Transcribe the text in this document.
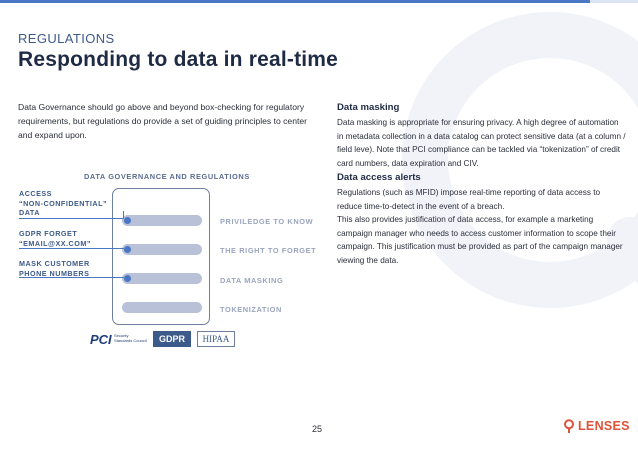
REGULATIONS
Responding to data in real-time
Data Governance should go above and beyond box-checking for regulatory requirements, but regulations do provide a set of guiding principles to center and expand upon.
Data masking

Data masking is appropriate for ensuring privacy. A high degree of automation in metadata collection in a data catalog can protect sensitive data (at a column / field leve). Note that PCI compliance can be tackled via “tokenization” of credit card numbers, data expiration and CIV.

Data access alerts

Regulations (such as MFID) impose real-time reporting of data access to reduce time-to-detect in the event of a breach.

This also provides justification of data access, for example a marketing campaign manager who needs to access customer information to scope their campaign. This justification must be provided as part of the campaign manager viewing the data.

DATA GOVERNANCE AND REGULATIONS
ACCESS
“NON-CONFIDENTIAL”
DATA
GDPR FORGET
“EMAIL@XX.COM”
MASK CUSTOMER
PHONE NUMBERS
PRIVILEDGE TO KNOW
THE RIGHT TO FORGET
DATA MASKING
TOKENIZATION
PCI Security
Standards Council	GDPR	HIPAA
25	LENSES
